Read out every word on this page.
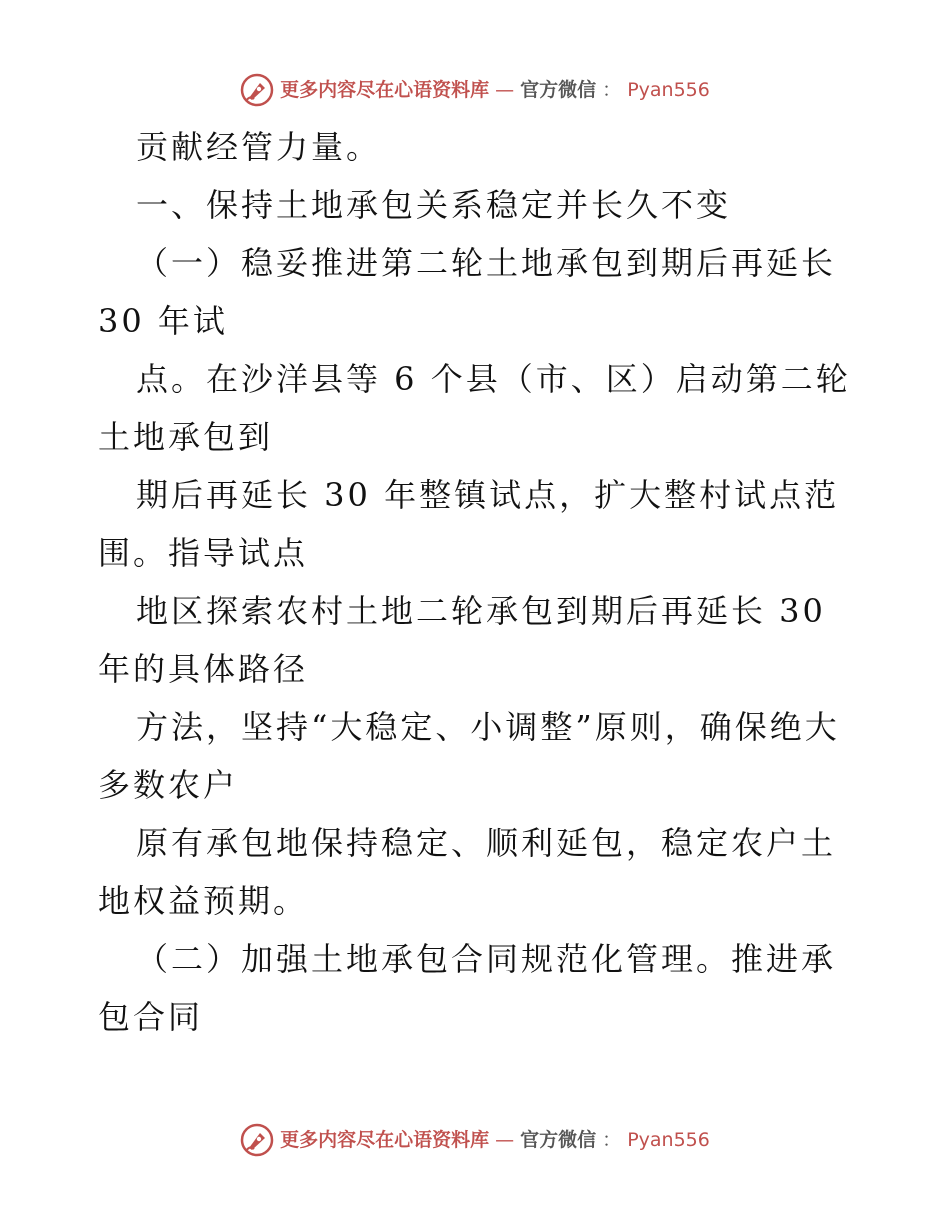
更多内容尽在心语资料库 — 官方微信 ： Pyan556

贡献经管力量。

一、保持土地承包关系稳定并长久不变

（一）稳妥推进第二轮土地承包到期后再延长 30 年试

点。在沙洋县等 6 个县（市、区）启动第二轮土地承包到

期后再延长 30 年整镇试点，扩大整村试点范围。指导试点

地区探索农村土地二轮承包到期后再延长 30 年的具体路径

方法，坚持“大稳定、小调整”原则，确保绝大多数农户

原有承包地保持稳定、顺利延包，稳定农户土地权益预期。

（二）加强土地承包合同规范化管理。推进承包合同

更多内容尽在心语资料库 — 官方微信 ： Pyan556
